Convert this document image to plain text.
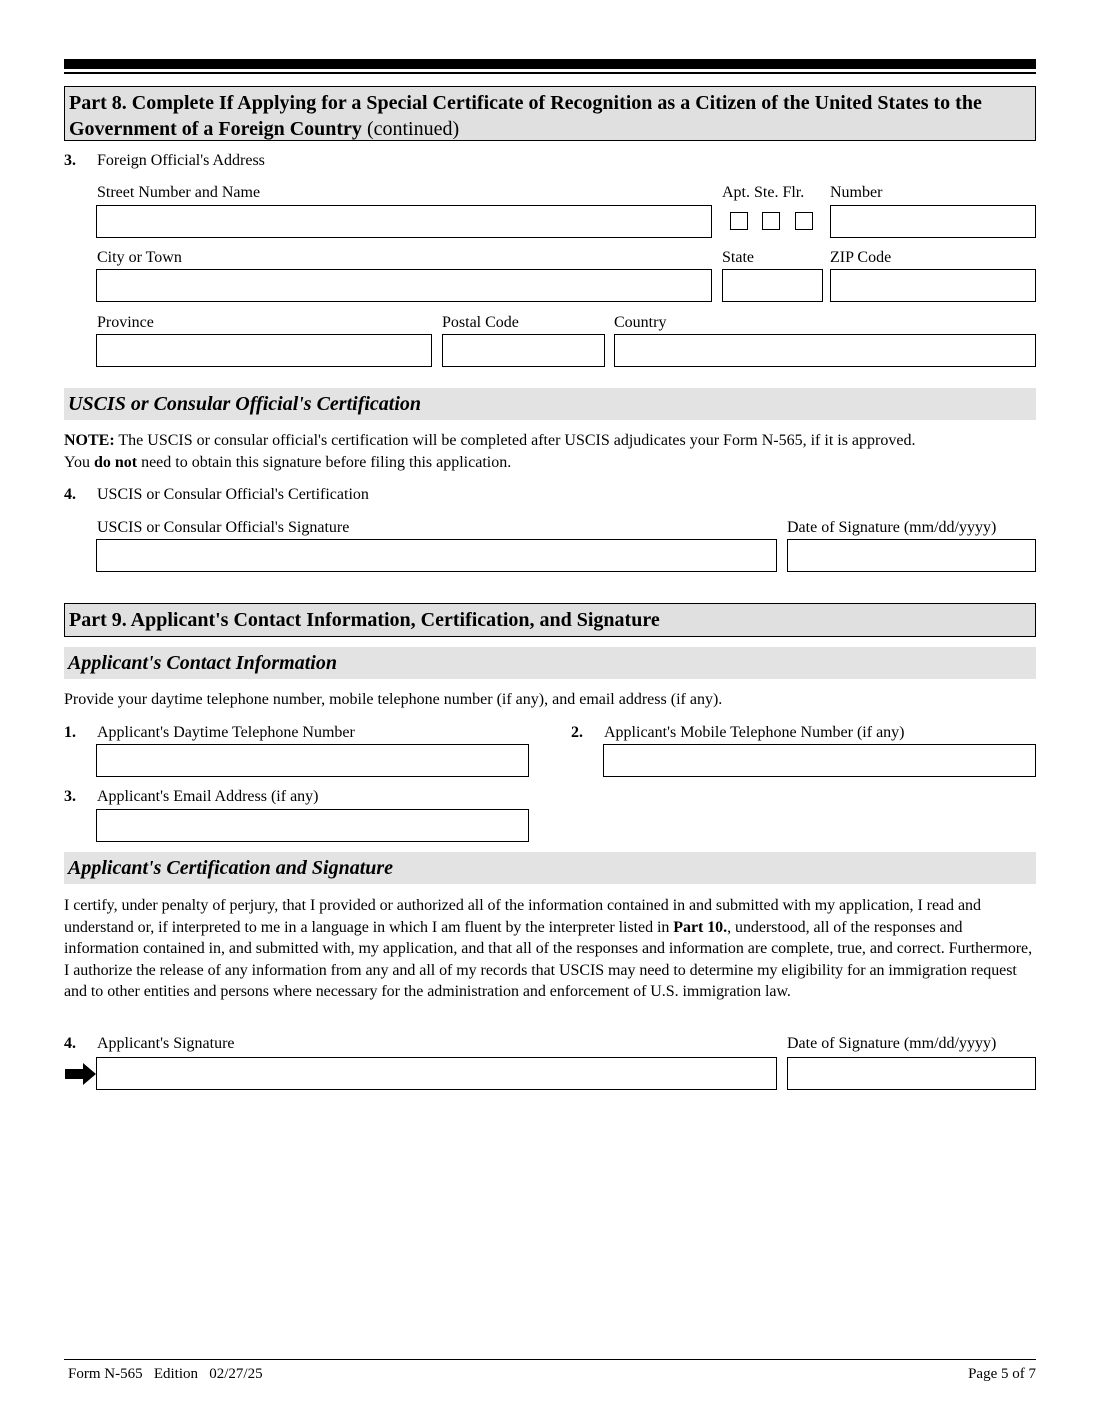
Part 8. Complete If Applying for a Special Certificate of Recognition as a Citizen of the United States to the Government of a Foreign Country (continued)
3. Foreign Official's Address
Street Number and Name	Apt. Ste. Flr. Number
City or Town	State	ZIP Code
Province	Postal Code	Country
USCIS or Consular Official's Certification
NOTE: The USCIS or consular official's certification will be completed after USCIS adjudicates your Form N-565, if it is approved.
You do not need to obtain this signature before filing this application.
4. USCIS or Consular Official's Certification
USCIS or Consular Official's Signature	Date of Signature (mm/dd/yyyy)
Part 9. Applicant's Contact Information, Certification, and Signature
Applicant's Contact Information
Provide your daytime telephone number, mobile telephone number (if any), and email address (if any).
1. Applicant's Daytime Telephone Number	2. Applicant's Mobile Telephone Number (if any)
3. Applicant's Email Address (if any)
Applicant's Certification and Signature
I certify, under penalty of perjury, that I provided or authorized all of the information contained in and submitted with my application, I read and understand or, if interpreted to me in a language in which I am fluent by the interpreter listed in Part 10., understood, all of the responses and information contained in, and submitted with, my application, and that all of the responses and information are complete, true, and correct. Furthermore, I authorize the release of any information from any and all of my records that USCIS may need to determine my eligibility for an immigration request and to other entities and persons where necessary for the administration and enforcement of U.S. immigration law.
4. Applicant's Signature	Date of Signature (mm/dd/yyyy)
Form N-565   Edition   02/27/25	Page 5 of 7
